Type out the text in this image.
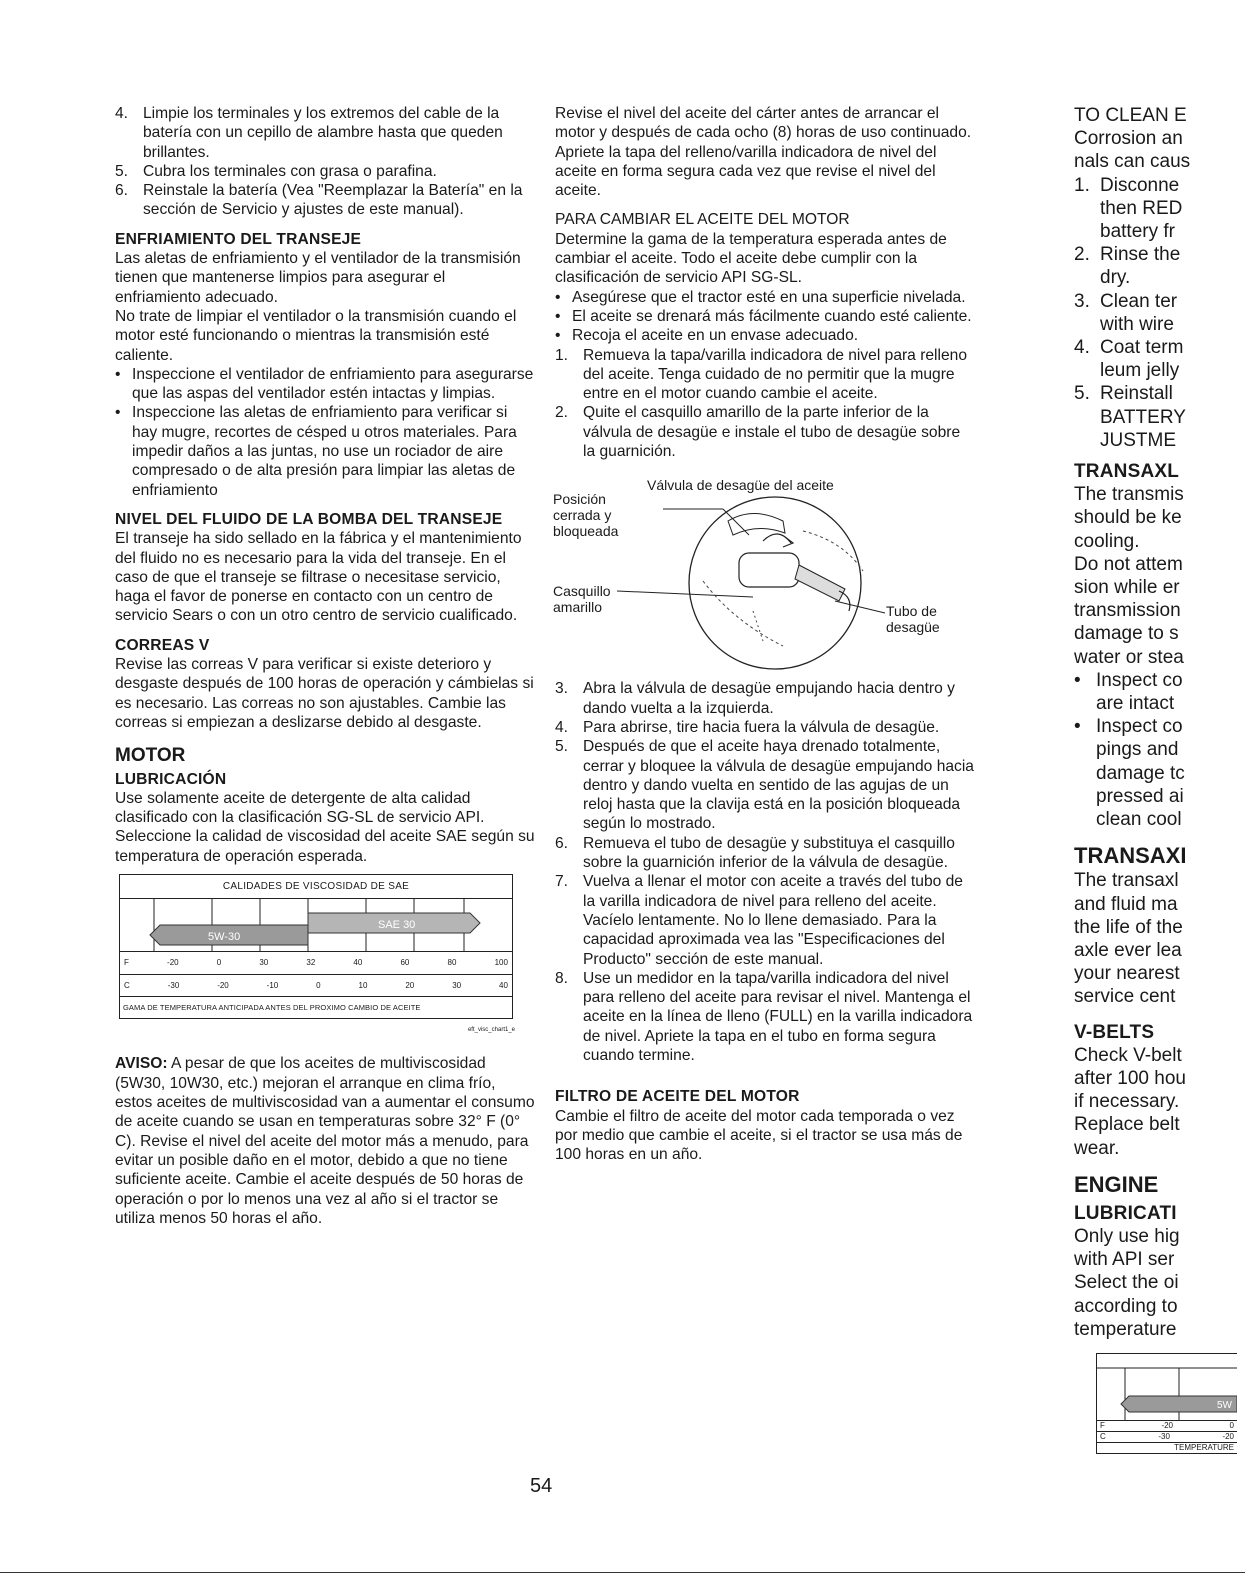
4. Limpie los terminales y los extremos del cable de la batería con un cepillo de alambre hasta que queden brillantes.
5. Cubra los terminales con grasa o parafina.
6. Reinstale la batería (Vea "Reemplazar la Batería" en la sección de Servicio y ajustes de este manual).

ENFRIAMIENTO DEL TRANSEJE

Las aletas de enfriamiento y el ventilador de la transmisión tienen que mantenerse limpios para asegurar el enfriamiento adecuado.

No trate de limpiar el ventilador o la transmisión cuando el motor esté funcionando o mientras la transmisión esté caliente.

• Inspeccione el ventilador de enfriamiento para asegurarse que las aspas del ventilador estén intactas y limpias.
• Inspeccione las aletas de enfriamiento para verificar si hay mugre, recortes de césped u otros materiales. Para impedir daños a las juntas, no use un rociador de aire compresado o de alta presión para limpiar las aletas de enfriamiento

NIVEL DEL FLUIDO DE LA BOMBA DEL TRANSEJE

El transeje ha sido sellado en la fábrica y el mantenimiento del fluido no es necesario para la vida del transeje. En el caso de que el transeje se filtrase o necesitase servicio, haga el favor de ponerse en contacto con un centro de servicio Sears o con un otro centro de servicio cualificado.

CORREAS V

Revise las correas V para verificar si existe deterioro y desgaste después de 100 horas de operación y cámbielas si es necesario. Las correas no son ajustables. Cambie las correas si empiezan a deslizarse debido al desgaste.

MOTOR

LUBRICACIÓN

Use solamente aceite de detergente de alta calidad clasificado con la clasificación SG-SL de servicio API. Seleccione la calidad de viscosidad del aceite SAE según su temperatura de operación esperada.

CALIDADES DE VISCOSIDAD DE SAE
5W-30
SAE 30
F	-20	0	30	32	40	60	80	100
C	-30	-20	-10	0	10	20	30	40
GAMA DE TEMPERATURA ANTICIPADA ANTES DEL PROXIMO CAMBIO DE ACEITE
eft_visc_chart1_e

AVISO: A pesar de que los aceites de multiviscosidad (5W30, 10W30, etc.) mejoran el arranque en clima frío, estos aceites de multiviscosidad van a aumentar el consumo de aceite cuando se usan en temperaturas sobre 32° F (0° C). Revise el nivel del aceite del motor más a menudo, para evitar un posible daño en el motor, debido a que no tiene suficiente aceite. Cambie el aceite después de 50 horas de operación o por lo menos una vez al año si el tractor se utiliza menos 50 horas el año.

Revise el nivel del aceite del cárter antes de arrancar el motor y después de cada ocho (8) horas de uso continuado. Apriete la tapa del relleno/varilla indicadora de nivel del aceite en forma segura cada vez que revise el nivel del aceite.

PARA CAMBIAR EL ACEITE DEL MOTOR

Determine la gama de la temperatura esperada antes de cambiar el aceite. Todo el aceite debe cumplir con la clasificación de servicio API SG-SL.

• Asegúrese que el tractor esté en una superficie nivelada.
• El aceite se drenará más fácilmente cuando esté caliente.
• Recoja el aceite en un envase adecuado.
1. Remueva la tapa/varilla indicadora de nivel para relleno del aceite. Tenga cuidado de no permitir que la mugre entre en el motor cuando cambie el aceite.
2. Quite el casquillo amarillo de la parte inferior de la válvula de desagüe e instale el tubo de desagüe sobre la guarnición.
Válvula de desagüe del aceite
Posición cerrada y bloqueada
Casquillo amarillo	Tubo de desagüe
3. Abra la válvula de desagüe empujando hacia dentro y dando vuelta a la izquierda.
4. Para abrirse, tire hacia fuera la válvula de desagüe.
5. Después de que el aceite haya drenado totalmente, cerrar y bloquee la válvula de desagüe empujando hacia dentro y dando vuelta en sentido de las agujas de un reloj hasta que la clavija está en la posición bloqueada según lo mostrado.
6. Remueva el tubo de desagüe y substituya el casquillo sobre la guarnición inferior de la válvula de desagüe.
7. Vuelva a llenar el motor con aceite a través del tubo de la varilla indicadora de nivel para relleno del aceite. Vacíelo lentamente. No lo llene demasiado. Para la capacidad aproximada vea las "Especificaciones del Producto" sección de este manual.
8. Use un medidor en la tapa/varilla indicadora del nivel para relleno del aceite para revisar el nivel. Mantenga el aceite en la línea de lleno (FULL) en la varilla indicadora de nivel. Apriete la tapa en el tubo en forma segura cuando termine.

FILTRO DE ACEITE DEL MOTOR

Cambie el filtro de aceite del motor cada temporada o vez por medio que cambie el aceite, si el tractor se usa más de 100 horas en un año.

TO CLEAN E
Corrosion an
nals can caus
1. Disconne
then RED
battery fr
2. Rinse the
dry.
3. Clean ter
with wire
4. Coat term
leum jelly
5. Reinstall
BATTERY
JUSTME
TRANSAXL
The transmis
should be ke
cooling.
Do not attem
sion while er
transmission
damage to s
water or stea
• Inspect co
are intact
• Inspect co
pings and
damage tc
pressed ai
clean cool
TRANSAXI
The transaxl
and fluid ma
the life of the
axle ever lea
your nearest
service cent
V-BELTS
Check V-belt
after 100 hou
if necessary.
Replace belt
wear.
ENGINE
LUBRICATI
Only use hig
with API ser
Select the oi
according to
temperature
5W
F	-20	0
C	-30	-20
TEMPERATURE
54
